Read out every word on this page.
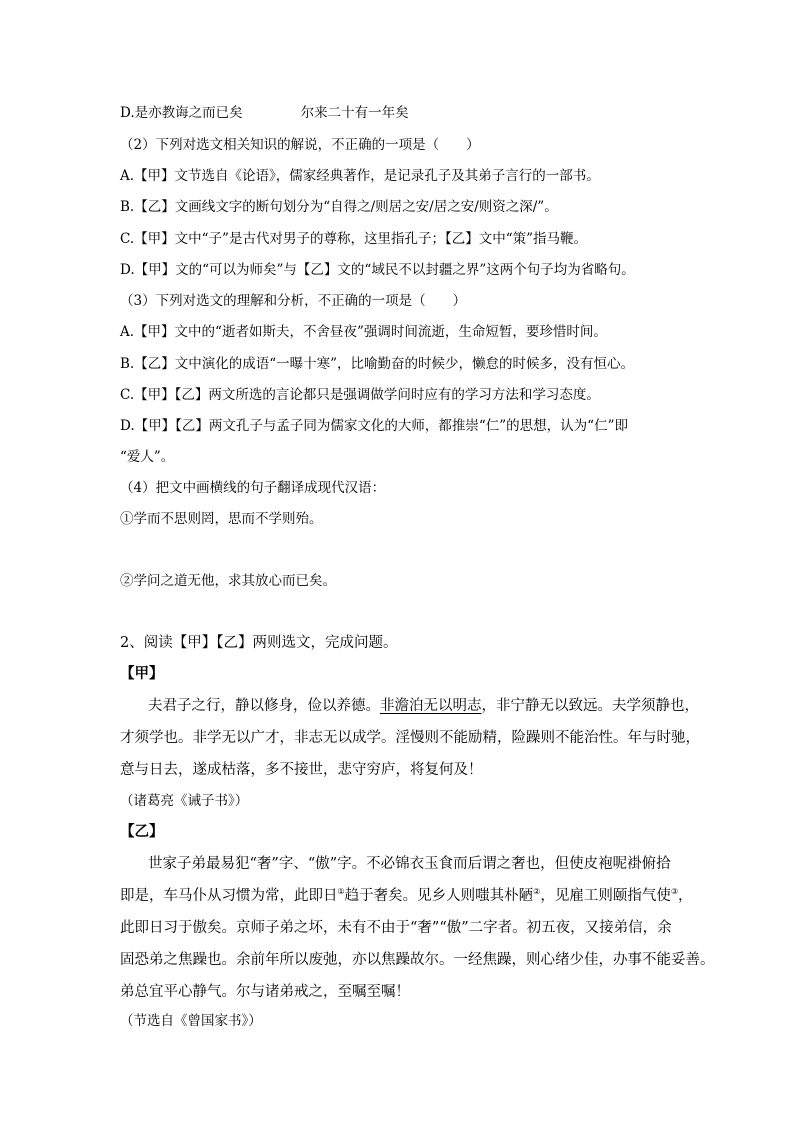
D.是亦教诲之而已矣	尔来二十有一年矣
（2）下列对选文相关知识的解说，不正确的一项是（　　）
A.【甲】文节选自《论语》，儒家经典著作，是记录孔子及其弟子言行的一部书。
B.【乙】文画线文字的断句划分为“自得之/则居之安/居之安/则资之深/”。
C.【甲】文中“子”是古代对男子的尊称，这里指孔子；【乙】文中“策”指马鞭。
D.【甲】文的“可以为师矣”与【乙】文的“域民不以封疆之界”这两个句子均为省略句。
（3）下列对选文的理解和分析，不正确的一项是（　　）
A.【甲】文中的“逝者如斯夫，不舍昼夜”强调时间流逝，生命短暂，要珍惜时间。
B.【乙】文中演化的成语“一曝十寒”，比喻勤奋的时候少，懒怠的时候多，没有恒心。
C.【甲】【乙】两文所选的言论都只是强调做学问时应有的学习方法和学习态度。
D.【甲】【乙】两文孔子与孟子同为儒家文化的大师，都推崇“仁”的思想，认为“仁”即
“爱人”。
（4）把文中画横线的句子翻译成现代汉语：
①学而不思则罔，思而不学则殆。
②学问之道无他，求其放心而已矣。
2、阅读【甲】【乙】两则选文，完成问题。
【甲】
夫君子之行，静以修身，俭以养德。非澹泊无以明志，非宁静无以致远。夫学须静也，
才须学也。非学无以广才，非志无以成学。淫慢则不能励精，险躁则不能治性。年与时驰，
意与日去，遂成枯落，多不接世，悲守穷庐，将复何及！
（诸葛亮《诫子书》）
【乙】
世家子弟最易犯“奢”字、“傲”字。不必锦衣玉食而后谓之奢也，但使皮袍呢褂俯拾
即是，车马仆从习惯为常，此即日①趋于奢矣。见乡人则嗤其朴陋②，见雇工则颐指气使③，
此即日习于傲矣。京师子弟之坏，未有不由于“奢”“傲”二字者。初五夜，又接弟信，余
固恐弟之焦躁也。余前年所以废弛，亦以焦躁故尔。一经焦躁，则心绪少佳，办事不能妥善。
弟总宜平心静气。尔与诸弟戒之，至嘱至嘱！
（节选自《曾国家书》）
